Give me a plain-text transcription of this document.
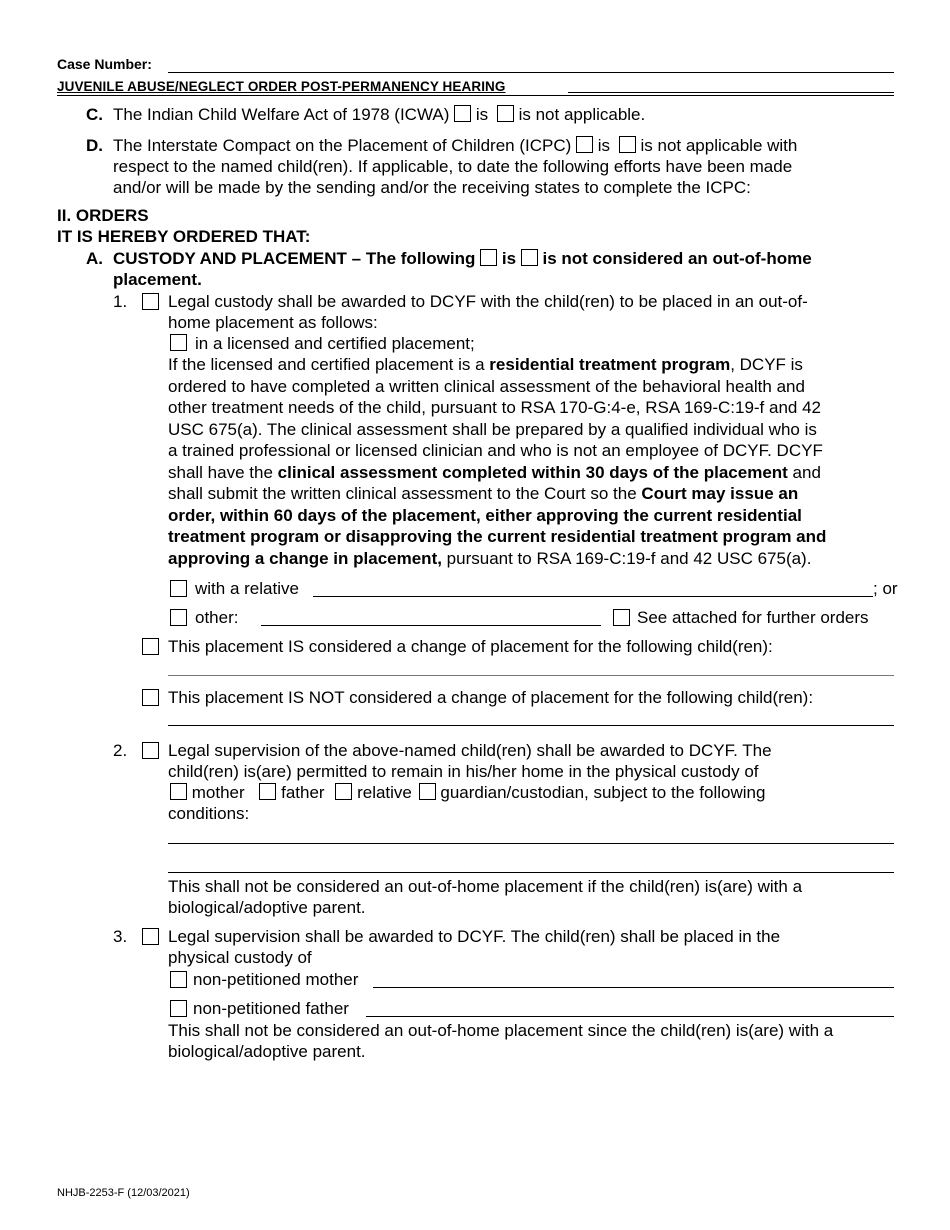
Case Number:
JUVENILE ABUSE/NEGLECT ORDER POST-PERMANENCY HEARING
C. The Indian Child Welfare Act of 1978 (ICWA) is is not applicable.
D. The Interstate Compact on the Placement of Children (ICPC) is is not applicable with
respect to the named child(ren). If applicable, to date the following efforts have been made
and/or will be made by the sending and/or the receiving states to complete the ICPC:
II. ORDERS
IT IS HEREBY ORDERED THAT:
A. CUSTODY AND PLACEMENT – The following is is not considered an out-of-home
placement.
1. Legal custody shall be awarded to DCYF with the child(ren) to be placed in an out-of-
home placement as follows:
in a licensed and certified placement;
If the licensed and certified placement is a residential treatment program, DCYF is
ordered to have completed a written clinical assessment of the behavioral health and
other treatment needs of the child, pursuant to RSA 170-G:4-e, RSA 169-C:19-f and 42
USC 675(a). The clinical assessment shall be prepared by a qualified individual who is
a trained professional or licensed clinician and who is not an employee of DCYF. DCYF
shall have the clinical assessment completed within 30 days of the placement and
shall submit the written clinical assessment to the Court so the Court may issue an
order, within 60 days of the placement, either approving the current residential
treatment program or disapproving the current residential treatment program and
approving a change in placement, pursuant to RSA 169-C:19-f and 42 USC 675(a).
with a relative	; or
other:	See attached for further orders
This placement IS considered a change of placement for the following child(ren):
This placement IS NOT considered a change of placement for the following child(ren):
2. Legal supervision of the above-named child(ren) shall be awarded to DCYF. The
child(ren) is(are) permitted to remain in his/her home in the physical custody of
mother father relative guardian/custodian, subject to the following
conditions:
This shall not be considered an out-of-home placement if the child(ren) is(are) with a
biological/adoptive parent.
3. Legal supervision shall be awarded to DCYF. The child(ren) shall be placed in the
physical custody of
non-petitioned mother
non-petitioned father
This shall not be considered an out-of-home placement since the child(ren) is(are) with a
biological/adoptive parent.
NHJB-2253-F (12/03/2021)
